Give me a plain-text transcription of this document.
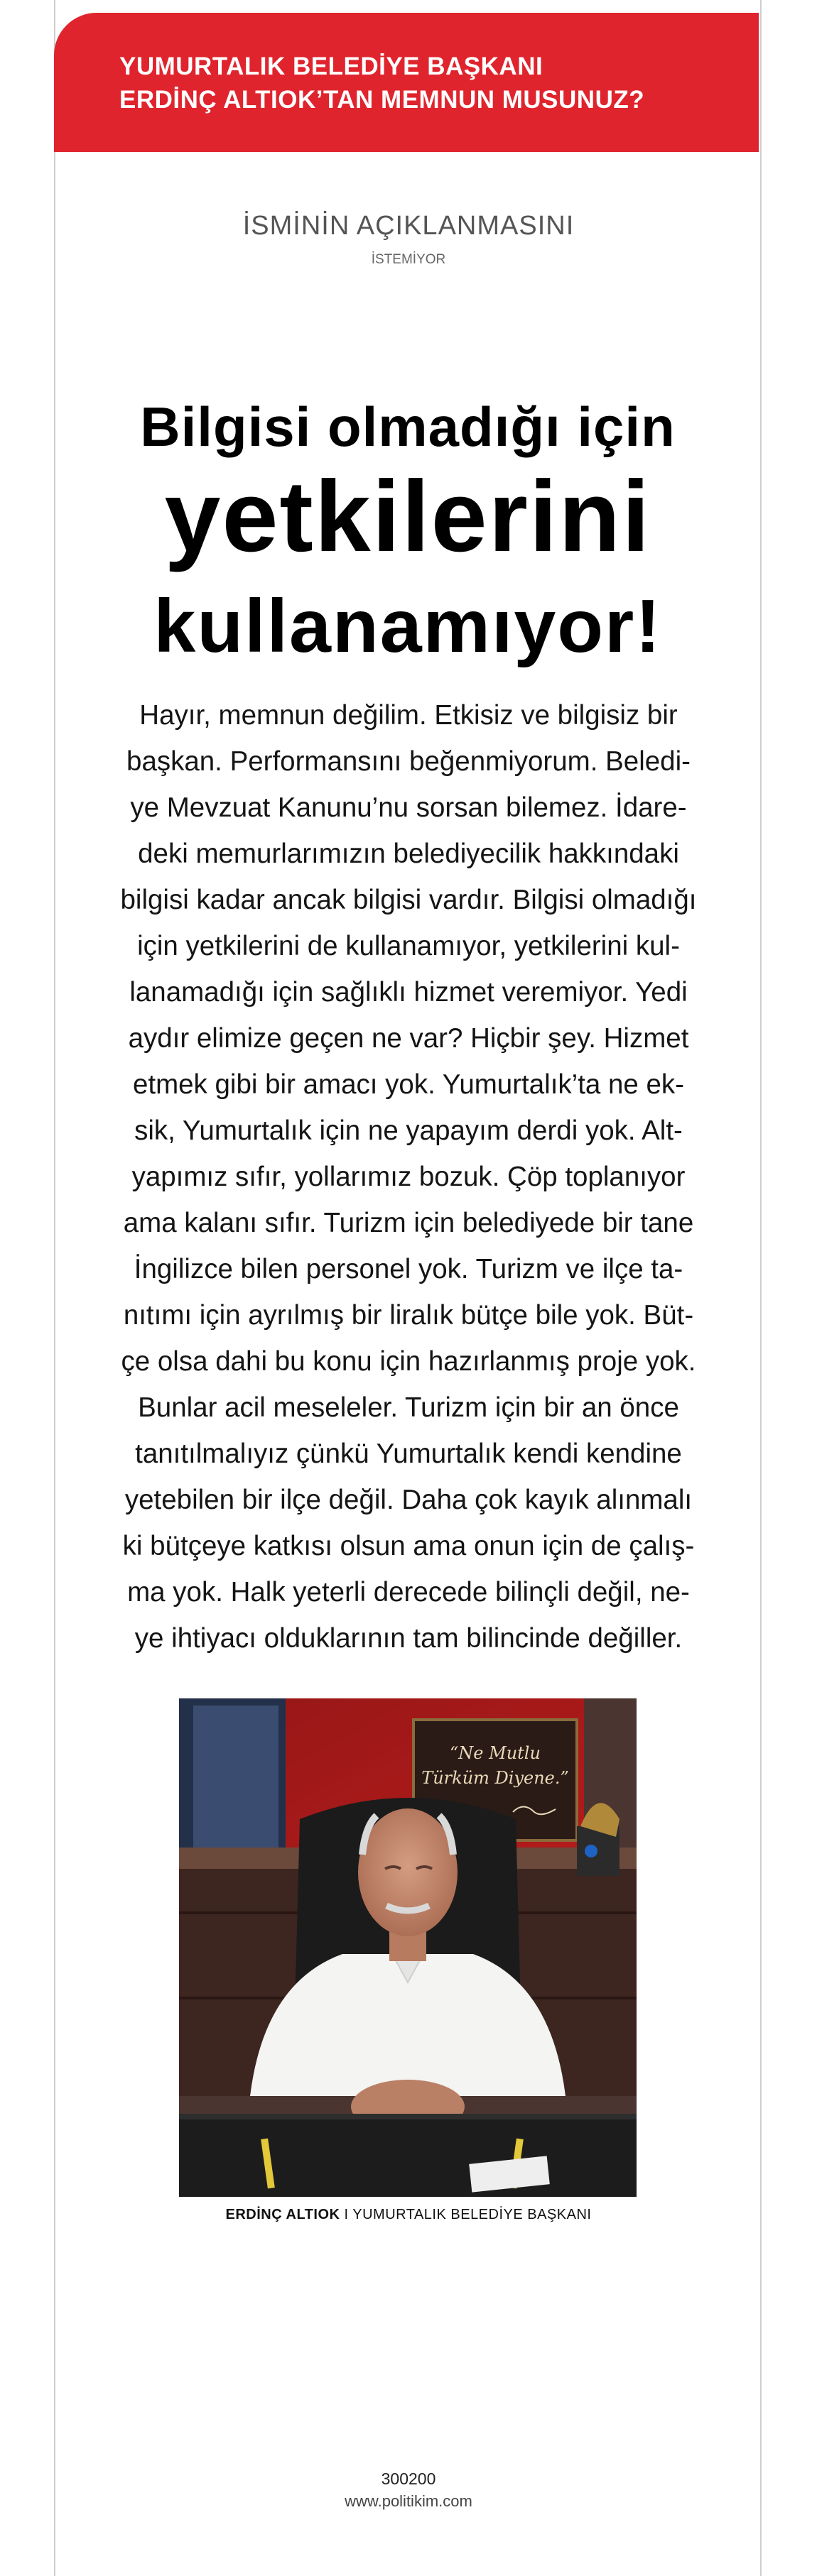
YUMURTALIK BELEDİYE BAŞKANI
ERDİNÇ ALTIOK’TAN MEMNUN MUSUNUZ?
İSMİNİN AÇIKLANMASINI
İSTEMİYOR
Bilgisi olmadığı için
yetkilerini
kullanamıyor!
Hayır, memnun değilim. Etkisiz ve bilgisiz bir
başkan. Performansını beğenmiyorum. Beledi-
ye Mevzuat Kanunu’nu sorsan bilemez. İdare-
deki memurlarımızın belediyecilik hakkındaki
bilgisi kadar ancak bilgisi vardır. Bilgisi olmadığı
için yetkilerini de kullanamıyor, yetkilerini kul-
lanamadığı için sağlıklı hizmet veremiyor. Yedi
aydır elimize geçen ne var? Hiçbir şey. Hizmet
etmek gibi bir amacı yok. Yumurtalık’ta ne ek-
sik, Yumurtalık için ne yapayım derdi yok. Alt-
yapımız sıfır, yollarımız bozuk. Çöp toplanıyor
ama kalanı sıfır. Turizm için belediyede bir tane
İngilizce bilen personel yok. Turizm ve ilçe ta-
nıtımı için ayrılmış bir liralık bütçe bile yok. Büt-
çe olsa dahi bu konu için hazırlanmış proje yok.
Bunlar acil meseleler. Turizm için bir an önce
tanıtılmalıyız çünkü Yumurtalık kendi kendine
yetebilen bir ilçe değil. Daha çok kayık alınmalı
ki bütçeye katkısı olsun ama onun için de çalış-
ma yok. Halk yeterli derecede bilinçli değil, ne-
ye ihtiyacı olduklarının tam bilincinde değiller.
“Ne Mutlu
Türküm Diyene.”
ERDİNÇ ALTIOK I YUMURTALIK BELEDİYE BAŞKANI
300200
www.politikim.com
